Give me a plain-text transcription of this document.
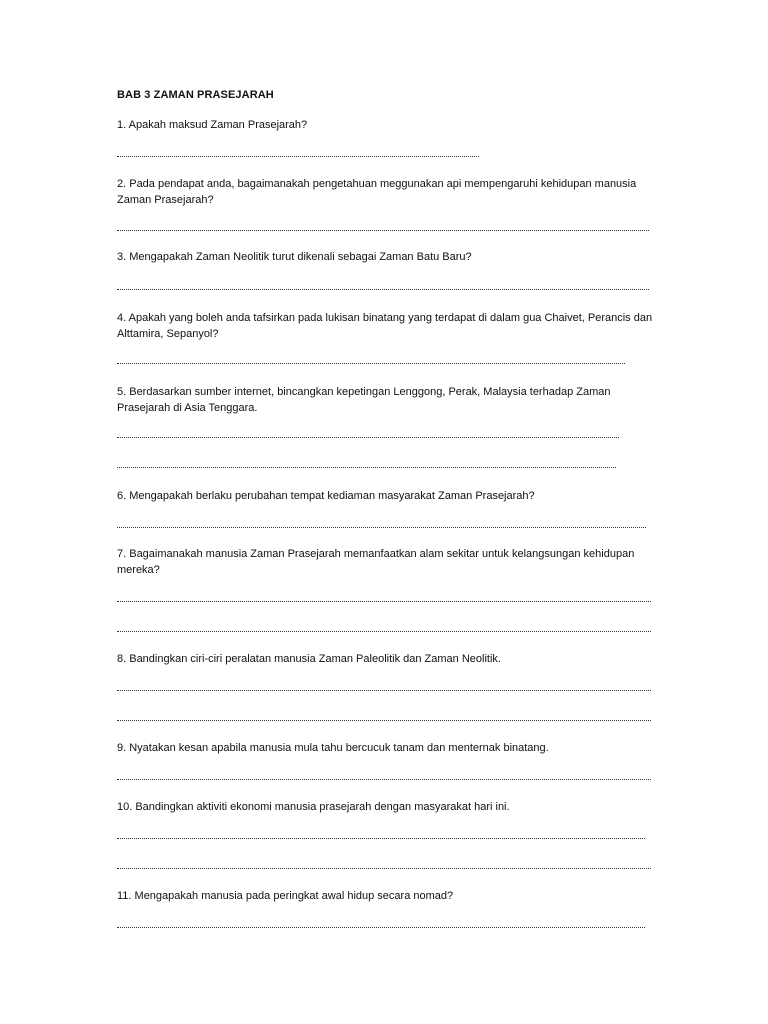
BAB 3 ZAMAN PRASEJARAH
1. Apakah maksud Zaman Prasejarah?
2. Pada pendapat anda, bagaimanakah pengetahuan meggunakan api mempengaruhi kehidupan manusia Zaman Prasejarah?
3. Mengapakah Zaman Neolitik turut dikenali sebagai Zaman Batu Baru?
4. Apakah yang boleh anda tafsirkan pada lukisan binatang yang terdapat di dalam gua Chaivet, Perancis dan Alttamira, Sepanyol?
5. Berdasarkan sumber internet, bincangkan kepetingan Lenggong, Perak, Malaysia terhadap Zaman Prasejarah di Asia Tenggara.
6. Mengapakah berlaku perubahan tempat kediaman masyarakat Zaman Prasejarah?
7. Bagaimanakah manusia Zaman Prasejarah memanfaatkan alam sekitar untuk kelangsungan kehidupan mereka?
8. Bandingkan ciri-ciri peralatan manusia Zaman Paleolitik dan Zaman Neolitik.
9. Nyatakan kesan apabila manusia mula tahu bercucuk tanam dan menternak binatang.
10. Bandingkan aktiviti ekonomi manusia prasejarah dengan masyarakat hari ini.
11. Mengapakah manusia pada peringkat awal hidup secara nomad?
